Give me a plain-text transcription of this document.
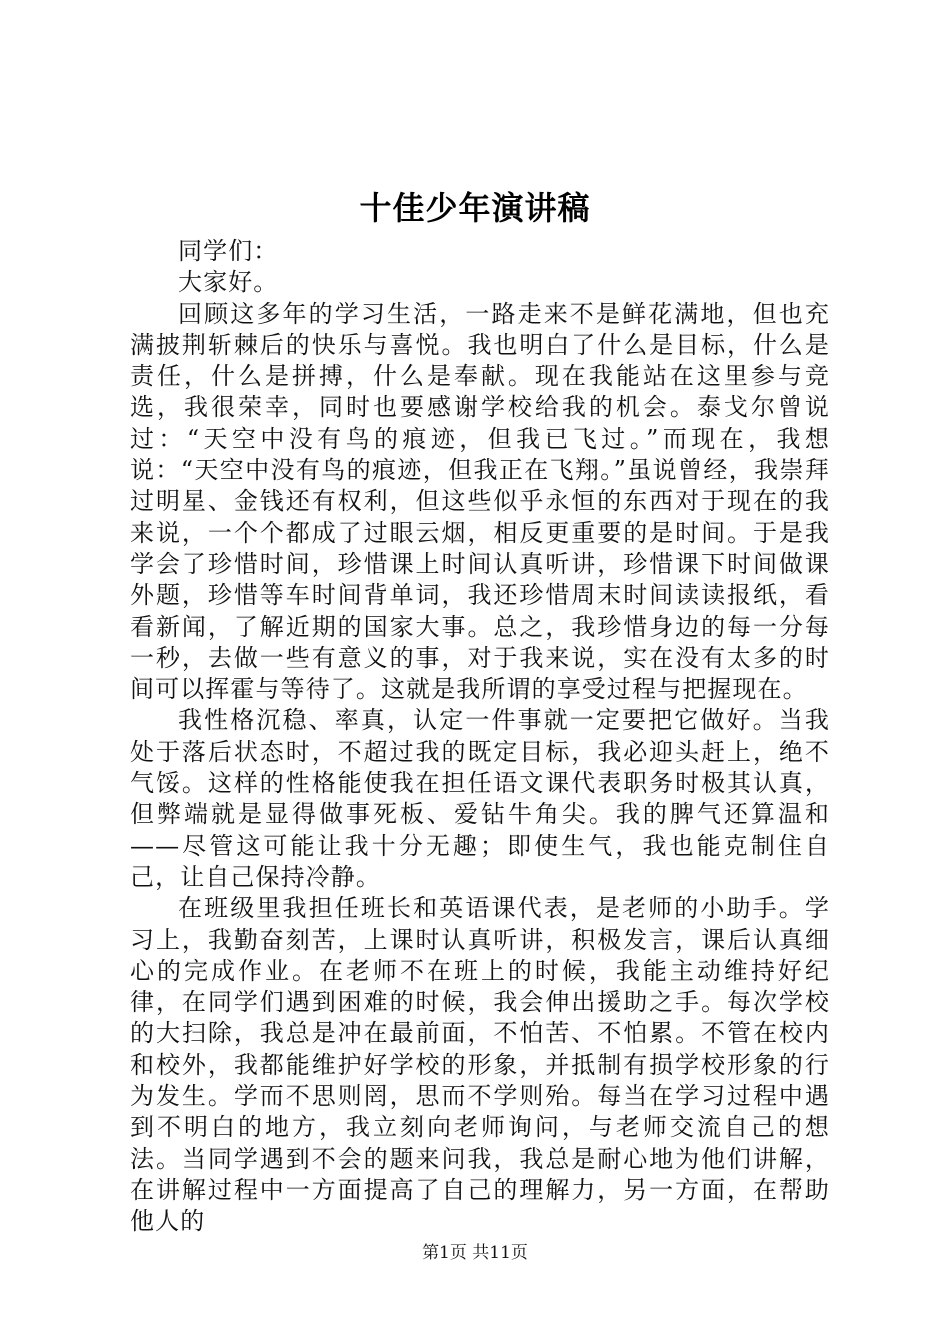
十佳少年演讲稿

同学们：

大家好。

回顾这多年的学习生活，一路走来不是鲜花满地，但也充满披荆斩棘后的快乐与喜悦。我也明白了什么是目标，什么是责任，什么是拼搏，什么是奉献。现在我能站在这里参与竞选，我很荣幸，同时也要感谢学校给我的机会。泰戈尔曾说过：“天空中没有鸟的痕迹，但我已飞过。”而现在，我想说：“天空中没有鸟的痕迹，但我正在飞翔。”虽说曾经，我崇拜过明星、金钱还有权利，但这些似乎永恒的东西对于现在的我来说，一个个都成了过眼云烟，相反更重要的是时间。于是我学会了珍惜时间，珍惜课上时间认真听讲，珍惜课下时间做课外题，珍惜等车时间背单词，我还珍惜周末时间读读报纸，看看新闻，了解近期的国家大事。总之，我珍惜身边的每一分每一秒，去做一些有意义的事，对于我来说，实在没有太多的时间可以挥霍与等待了。这就是我所谓的享受过程与把握现在。

我性格沉稳、率真，认定一件事就一定要把它做好。当我处于落后状态时，不超过我的既定目标，我必迎头赶上，绝不气馁。这样的性格能使我在担任语文课代表职务时极其认真，但弊端就是显得做事死板、爱钻牛角尖。我的脾气还算温和——尽管这可能让我十分无趣；即使生气，我也能克制住自己，让自己保持冷静。

在班级里我担任班长和英语课代表，是老师的小助手。学习上，我勤奋刻苦，上课时认真听讲，积极发言，课后认真细心的完成作业。在老师不在班上的时候，我能主动维持好纪律，在同学们遇到困难的时候，我会伸出援助之手。每次学校的大扫除，我总是冲在最前面，不怕苦、不怕累。不管在校内和校外，我都能维护好学校的形象，并抵制有损学校形象的行为发生。学而不思则罔，思而不学则殆。每当在学习过程中遇到不明白的地方，我立刻向老师询问，与老师交流自己的想法。当同学遇到不会的题来问我，我总是耐心地为他们讲解，在讲解过程中一方面提高了自己的理解力，另一方面，在帮助他人的

第1页 共11页
